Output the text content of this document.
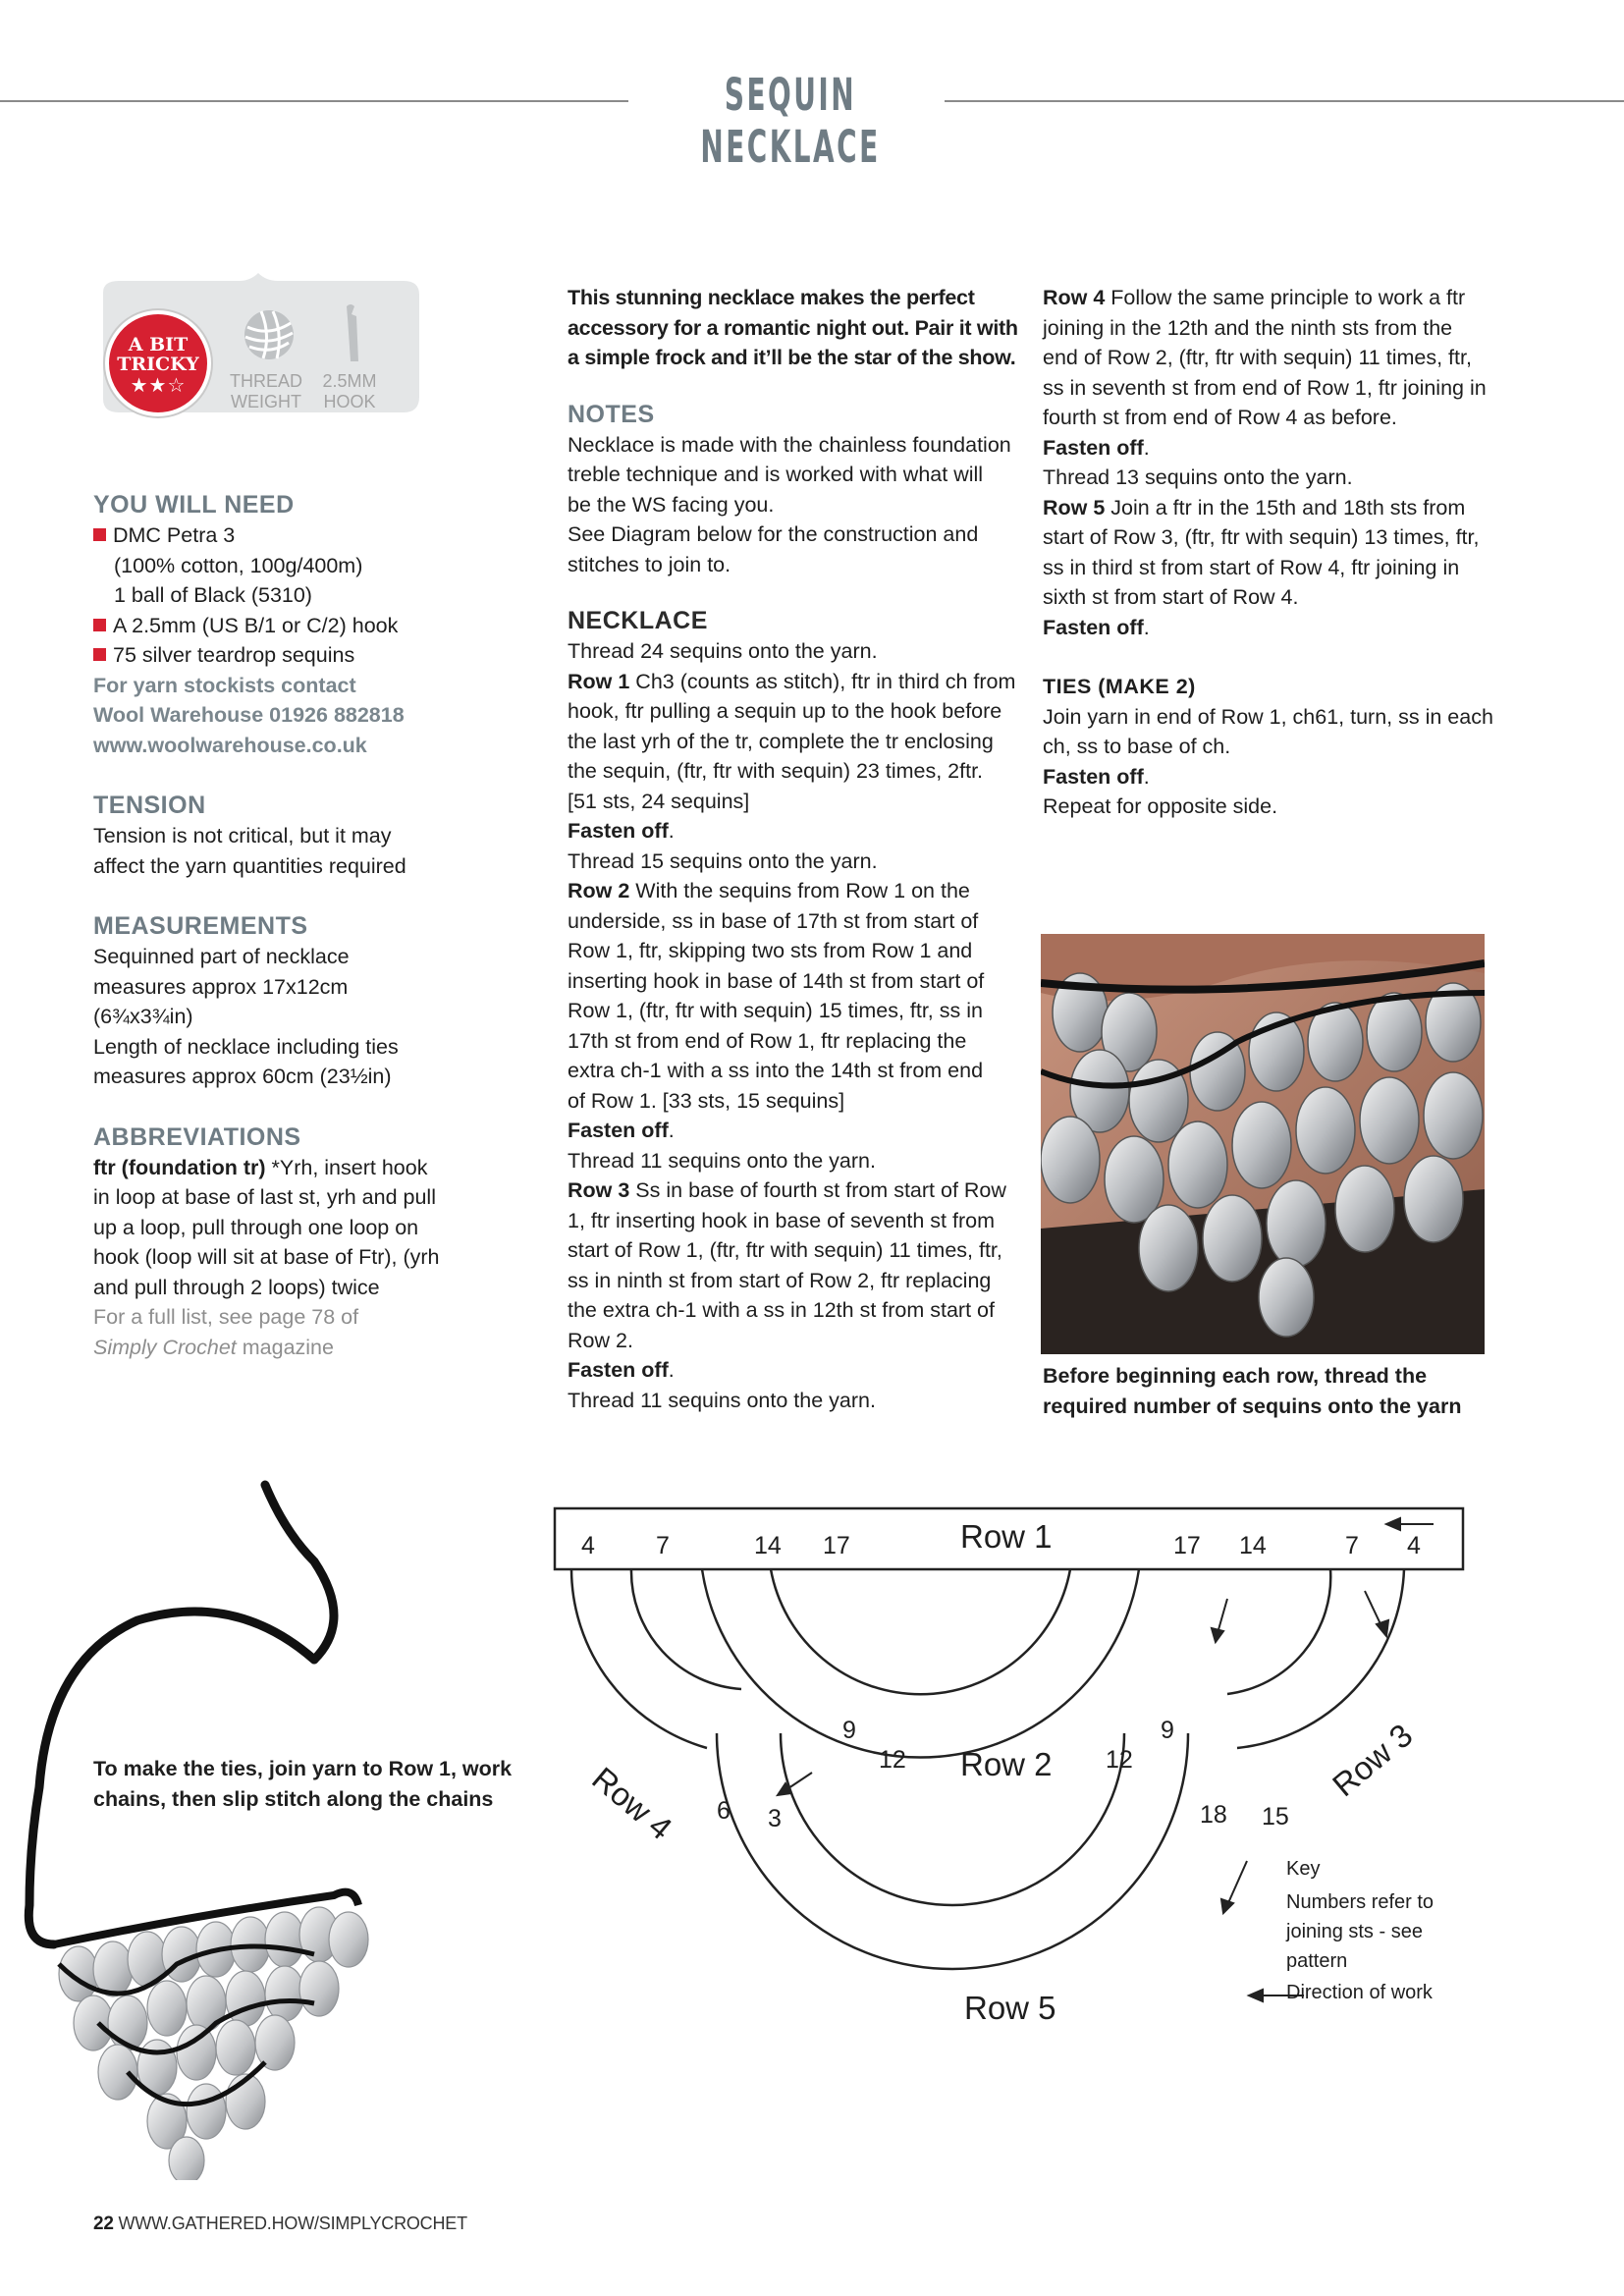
SEQUIN NECKLACE
A BIT
TRICKY
★★☆	THREAD
WEIGHT
2.5MM
HOOK

YOU WILL NEED

DMC Petra 3

(100% cotton, 100g/400m)

1 ball of Black (5310)

A 2.5mm (US B/1 or C/2) hook

75 silver teardrop sequins

For yarn stockists contact

Wool Warehouse 01926 882818

www.woolwarehouse.co.uk

TENSION

Tension is not critical, but it may

affect the yarn quantities required

MEASUREMENTS

Sequinned part of necklace

measures approx 17x12cm

(6¾x3¾in)

Length of necklace including ties

measures approx 60cm (23½in)

ABBREVIATIONS

ftr (foundation tr) *Yrh, insert hook

in loop at base of last st, yrh and pull

up a loop, pull through one loop on

hook (loop will sit at base of Ftr), (yrh

and pull through 2 loops) twice

For a full list, see page 78 of

Simply Crochet magazine

This stunning necklace makes the perfect

accessory for a romantic night out. Pair it with

a simple frock and it’ll be the star of the show.

NOTES

Necklace is made with the chainless foundation

treble technique and is worked with what will

be the WS facing you.

See Diagram below for the construction and

stitches to join to.

NECKLACE

Thread 24 sequins onto the yarn.

Row 1 Ch3 (counts as stitch), ftr in third ch from

hook, ftr pulling a sequin up to the hook before

the last yrh of the tr, complete the tr enclosing

the sequin, (ftr, ftr with sequin) 23 times, 2ftr.

[51 sts, 24 sequins]

Fasten off.

Thread 15 sequins onto the yarn.

Row 2 With the sequins from Row 1 on the

underside, ss in base of 17th st from start of

Row 1, ftr, skipping two sts from Row 1 and

inserting hook in base of 14th st from start of

Row 1, (ftr, ftr with sequin) 15 times, ftr, ss in

17th st from end of Row 1, ftr replacing the

extra ch-1 with a ss into the 14th st from end

of Row 1. [33 sts, 15 sequins]

Fasten off.

Thread 11 sequins onto the yarn.

Row 3 Ss in base of fourth st from start of Row

1, ftr inserting hook in base of seventh st from

start of Row 1, (ftr, ftr with sequin) 11 times, ftr,

ss in ninth st from start of Row 2, ftr replacing

the extra ch-1 with a ss in 12th st from start of

Row 2.

Fasten off.

Thread 11 sequins onto the yarn.

Row 4 Follow the same principle to work a ftr

joining in the 12th and the ninth sts from the

end of Row 2, (ftr, ftr with sequin) 11 times, ftr,

ss in seventh st from end of Row 1, ftr joining in

fourth st from end of Row 4 as before.

Fasten off.

Thread 13 sequins onto the yarn.

Row 5 Join a ftr in the 15th and 18th sts from

start of Row 3, (ftr, ftr with sequin) 13 times, ftr,

ss in third st from start of Row 4, ftr joining in

sixth st from start of Row 4.

Fasten off.

TIES (MAKE 2)

Join yarn in end of Row 1, ch61, turn, ss in each

ch, ss to base of ch.

Fasten off.

Repeat for opposite side.

Before beginning each row, thread the
required number of sequins onto the yarn
To make the ties, join yarn to Row 1, work
chains, then slip stitch along the chains
Row 1
Row 2
Row 5
Row 4	Row 3
4 7	14 17	17 14	7 4
9
12	12
9
6 3	18 15
Key
Numbers refer to
joining sts - see
pattern
Direction of work
22 WWW.GATHERED.HOW/SIMPLYCROCHET
